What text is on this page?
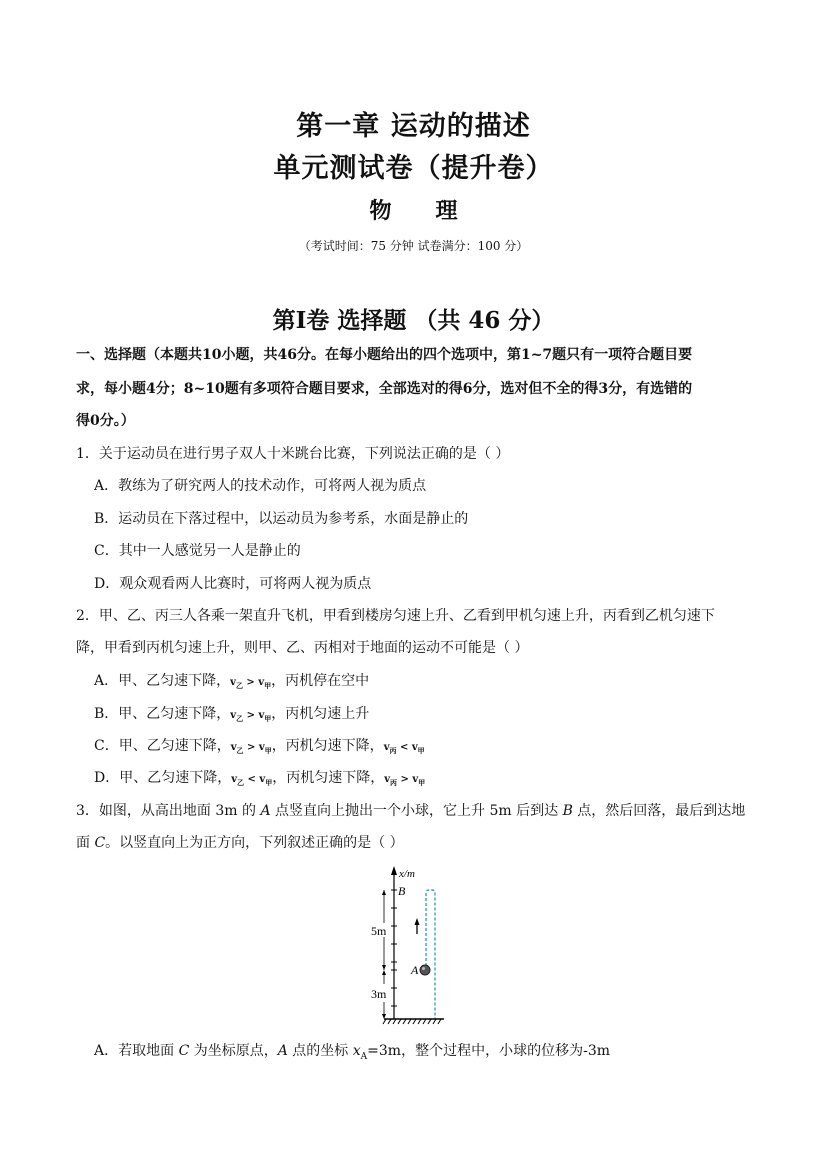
第一章 运动的描述
单元测试卷（提升卷）
物 理
（考试时间：75 分钟 试卷满分：100 分）
第Ⅰ卷 选择题 （共 46 分）
一、选择题（本题共10小题，共46分。在每小题给出的四个选项中，第1~7题只有一项符合题目要
求，每小题4分；8~10题有多项符合题目要求，全部选对的得6分，选对但不全的得3分，有选错的
得0分。）
1．关于运动员在进行男子双人十米跳台比赛，下列说法正确的是（ ）
A．教练为了研究两人的技术动作，可将两人视为质点
B．运动员在下落过程中，以运动员为参考系，水面是静止的
C．其中一人感觉另一人是静止的
D．观众观看两人比赛时，可将两人视为质点
2．甲、乙、丙三人各乘一架直升飞机，甲看到楼房匀速上升、乙看到甲机匀速上升，丙看到乙机匀速下
降，甲看到丙机匀速上升，则甲、乙、丙相对于地面的运动不可能是（ ）
A．甲、乙匀速下降，$v_乙 > v_甲$，丙机停在空中
B．甲、乙匀速下降，$v_乙 > v_甲$，丙机匀速上升
C．甲、乙匀速下降，$v_乙 > v_甲$，丙机匀速下降，$v_丙 < v_甲$
D．甲、乙匀速下降，$v_乙 < v_甲$，丙机匀速下降，$v_丙 > v_甲$
3．如图，从高出地面 3m 的 A 点竖直向上抛出一个小球，它上升 5m 后到达 B 点，然后回落，最后到达地
面 C。以竖直向上为正方向，下列叙述正确的是（ ）
x/m
5m
3m
B
A
A．若取地面 C 为坐标原点，A 点的坐标 $x_A=3m$，整个过程中，小球的位移为-3m
